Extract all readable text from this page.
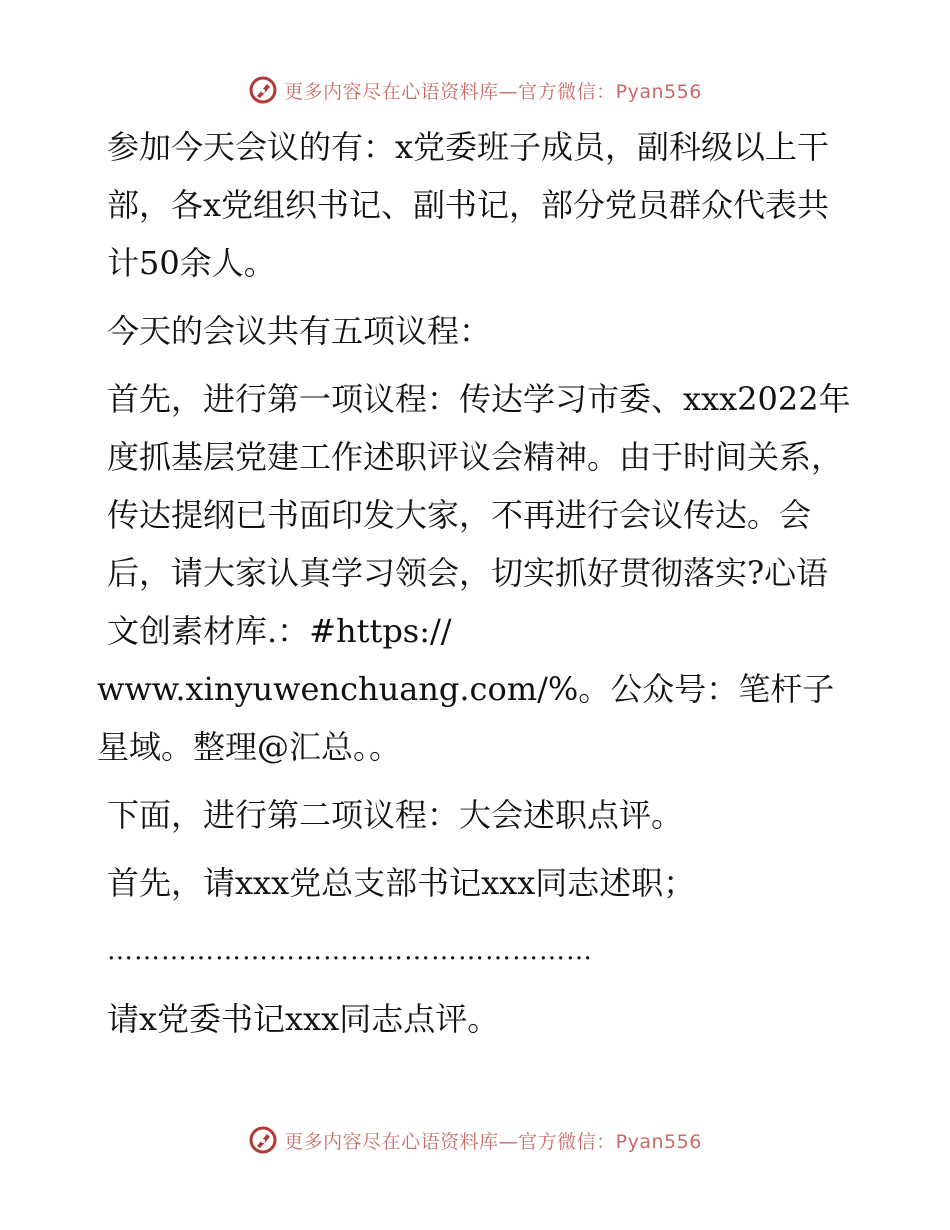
更多内容尽在心语资料库—官方微信：Pyan556

参加今天会议的有：x党委班子成员，副科级以上干部，各x党组织书记、副书记，部分党员群众代表共计50余人。

今天的会议共有五项议程：

首先，进行第一项议程：传达学习市委、xxx2022年度抓基层党建工作述职评议会精神。由于时间关系，传达提纲已书面印发大家，不再进行会议传达。会后，请大家认真学习领会，切实抓好贯彻落实?心语文创素材库.：#https://

www.xinyuwenchuang.com/%。公众号：笔杆子星域。整理@汇总。。

下面，进行第二项议程：大会述职点评。

首先，请xxx党总支部书记xxx同志述职；

………………………………………………

请x党委书记xxx同志点评。

更多内容尽在心语资料库—官方微信：Pyan556
